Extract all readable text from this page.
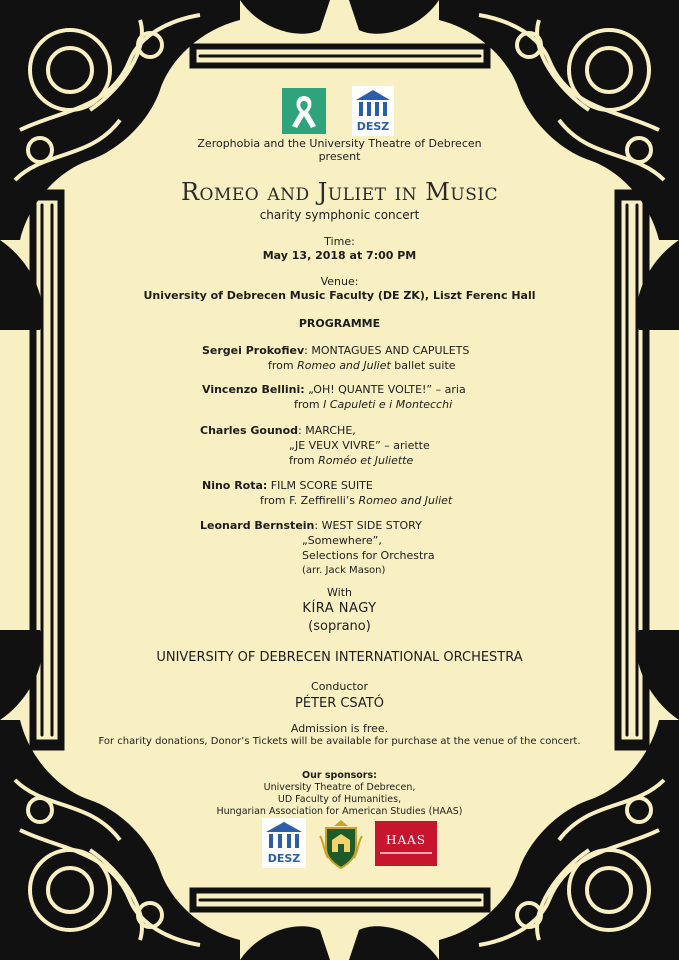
DESZ
Zerophobia and the University Theatre of Debrecen
present
Romeo and Juliet in Music
charity symphonic concert
Time:
May 13, 2018 at 7:00 PM
Venue:
University of Debrecen Music Faculty (DE ZK), Liszt Ferenc Hall
PROGRAMME
Sergei Prokofiev: MONTAGUES AND CAPULETS
from Romeo and Juliet ballet suite
Vincenzo Bellini: „OH! QUANTE VOLTE!” – aria
from I Capuleti e i Montecchi
Charles Gounod: MARCHE,
„JE VEUX VIVRE” – ariette
from Roméo et Juliette
Nino Rota: FILM SCORE SUITE
from F. Zeffirelli’s Romeo and Juliet
Leonard Bernstein: WEST SIDE STORY
„Somewhere”,
Selections for Orchestra
(arr. Jack Mason)
With
KÍRA NAGY
(soprano)
UNIVERSITY OF DEBRECEN INTERNATIONAL ORCHESTRA
Conductor
PÉTER CSATÓ
Admission is free.
For charity donations, Donor’s Tickets will be available for purchase at the venue of the concert.
Our sponsors:
University Theatre of Debrecen,
UD Faculty of Humanities,
Hungarian Association for American Studies (HAAS)
DESZ
HAAS
